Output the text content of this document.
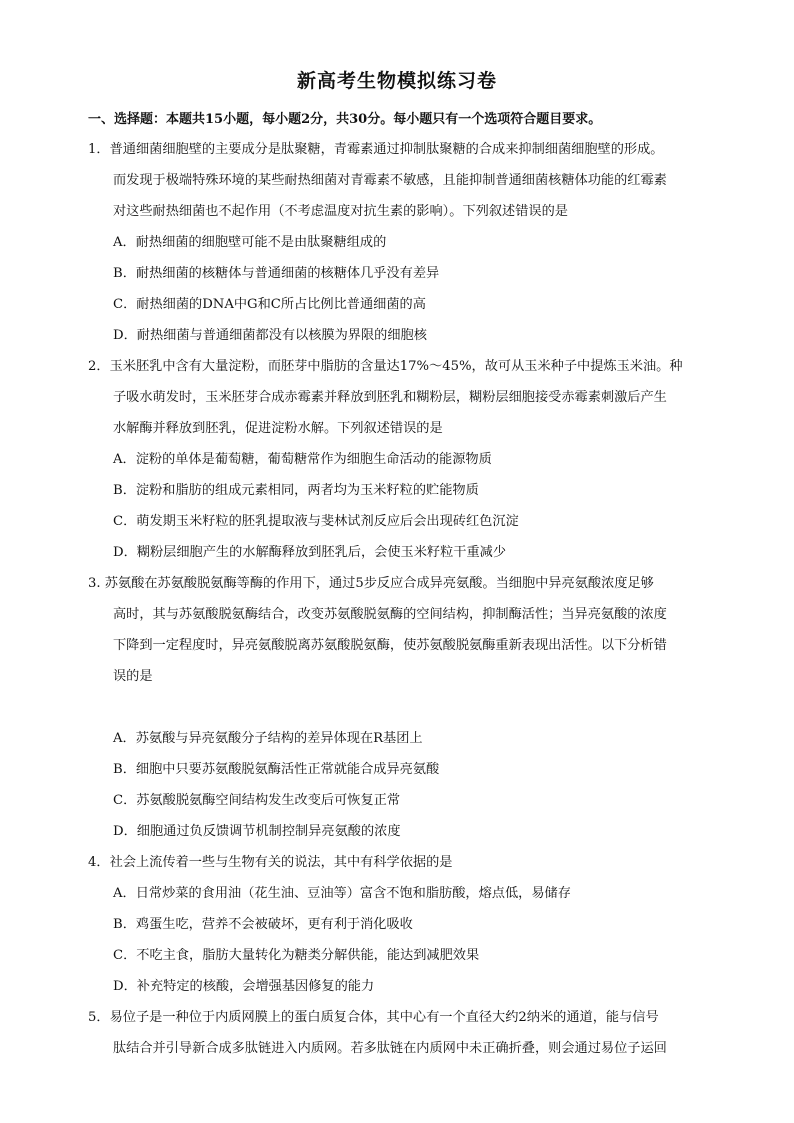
新高考生物模拟练习卷
一、选择题：本题共15小题，每小题2分，共30分。每小题只有一个选项符合题目要求。
1．普通细菌细胞壁的主要成分是肽聚糖，青霉素通过抑制肽聚糖的合成来抑制细菌细胞壁的形成。
而发现于极端特殊环境的某些耐热细菌对青霉素不敏感，且能抑制普通细菌核糖体功能的红霉素
对这些耐热细菌也不起作用（不考虑温度对抗生素的影响）。下列叙述错误的是
A．耐热细菌的细胞壁可能不是由肽聚糖组成的
B．耐热细菌的核糖体与普通细菌的核糖体几乎没有差异
C．耐热细菌的DNA中G和C所占比例比普通细菌的高
D．耐热细菌与普通细菌都没有以核膜为界限的细胞核
2．玉米胚乳中含有大量淀粉，而胚芽中脂肪的含量达17%～45%，故可从玉米种子中提炼玉米油。种
子吸水萌发时，玉米胚芽合成赤霉素并释放到胚乳和糊粉层，糊粉层细胞接受赤霉素刺激后产生
水解酶并释放到胚乳，促进淀粉水解。下列叙述错误的是
A．淀粉的单体是葡萄糖，葡萄糖常作为细胞生命活动的能源物质
B．淀粉和脂肪的组成元素相同，两者均为玉米籽粒的贮能物质
C．萌发期玉米籽粒的胚乳提取液与斐林试剂反应后会出现砖红色沉淀
D．糊粉层细胞产生的水解酶释放到胚乳后，会使玉米籽粒干重减少
3. 苏氨酸在苏氨酸脱氨酶等酶的作用下，通过5步反应合成异亮氨酸。当细胞中异亮氨酸浓度足够
高时，其与苏氨酸脱氨酶结合，改变苏氨酸脱氨酶的空间结构，抑制酶活性；当异亮氨酸的浓度
下降到一定程度时，异亮氨酸脱离苏氨酸脱氨酶，使苏氨酸脱氨酶重新表现出活性。以下分析错
误的是
A．苏氨酸与异亮氨酸分子结构的差异体现在R基团上
B．细胞中只要苏氨酸脱氨酶活性正常就能合成异亮氨酸
C．苏氨酸脱氨酶空间结构发生改变后可恢复正常
D．细胞通过负反馈调节机制控制异亮氨酸的浓度
4．社会上流传着一些与生物有关的说法，其中有科学依据的是
A．日常炒菜的食用油（花生油、豆油等）富含不饱和脂肪酸，熔点低，易储存
B．鸡蛋生吃，营养不会被破坏，更有利于消化吸收
C．不吃主食，脂肪大量转化为糖类分解供能，能达到减肥效果
D．补充特定的核酸，会增强基因修复的能力
5．易位子是一种位于内质网膜上的蛋白质复合体，其中心有一个直径大约2纳米的通道，能与信号
肽结合并引导新合成多肽链进入内质网。若多肽链在内质网中未正确折叠，则会通过易位子运回
